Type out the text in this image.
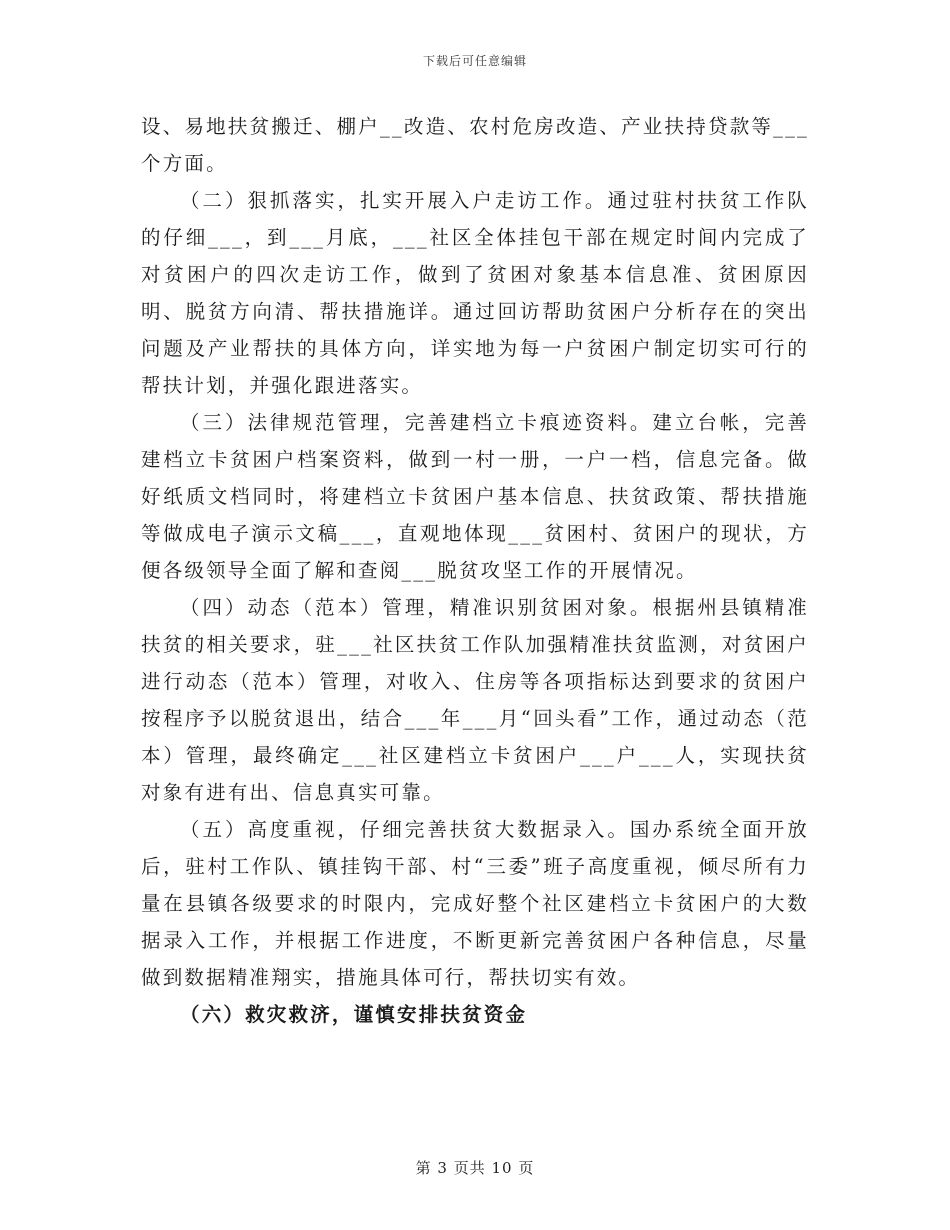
下载后可任意编辑

设、易地扶贫搬迁、棚户__改造、农村危房改造、产业扶持贷款等___个方面。

（二）狠抓落实，扎实开展入户走访工作。通过驻村扶贫工作队的仔细___，到___月底，___社区全体挂包干部在规定时间内完成了对贫困户的四次走访工作，做到了贫困对象基本信息准、贫困原因明、脱贫方向清、帮扶措施详。通过回访帮助贫困户分析存在的突出问题及产业帮扶的具体方向，详实地为每一户贫困户制定切实可行的帮扶计划，并强化跟进落实。

（三）法律规范管理，完善建档立卡痕迹资料。建立台帐，完善建档立卡贫困户档案资料，做到一村一册，一户一档，信息完备。做好纸质文档同时，将建档立卡贫困户基本信息、扶贫政策、帮扶措施等做成电子演示文稿___，直观地体现___贫困村、贫困户的现状，方便各级领导全面了解和查阅___脱贫攻坚工作的开展情况。

（四）动态（范本）管理，精准识别贫困对象。根据州县镇精准扶贫的相关要求，驻___社区扶贫工作队加强精准扶贫监测，对贫困户进行动态（范本）管理，对收入、住房等各项指标达到要求的贫困户按程序予以脱贫退出，结合___年___月“回头看”工作，通过动态（范本）管理，最终确定___社区建档立卡贫困户___户___人，实现扶贫对象有进有出、信息真实可靠。

（五）高度重视，仔细完善扶贫大数据录入。国办系统全面开放后，驻村工作队、镇挂钩干部、村“三委”班子高度重视，倾尽所有力量在县镇各级要求的时限内，完成好整个社区建档立卡贫困户的大数据录入工作，并根据工作进度，不断更新完善贫困户各种信息，尽量做到数据精准翔实，措施具体可行，帮扶切实有效。

（六）救灾救济，谨慎安排扶贫资金

第 3 页共 10 页
